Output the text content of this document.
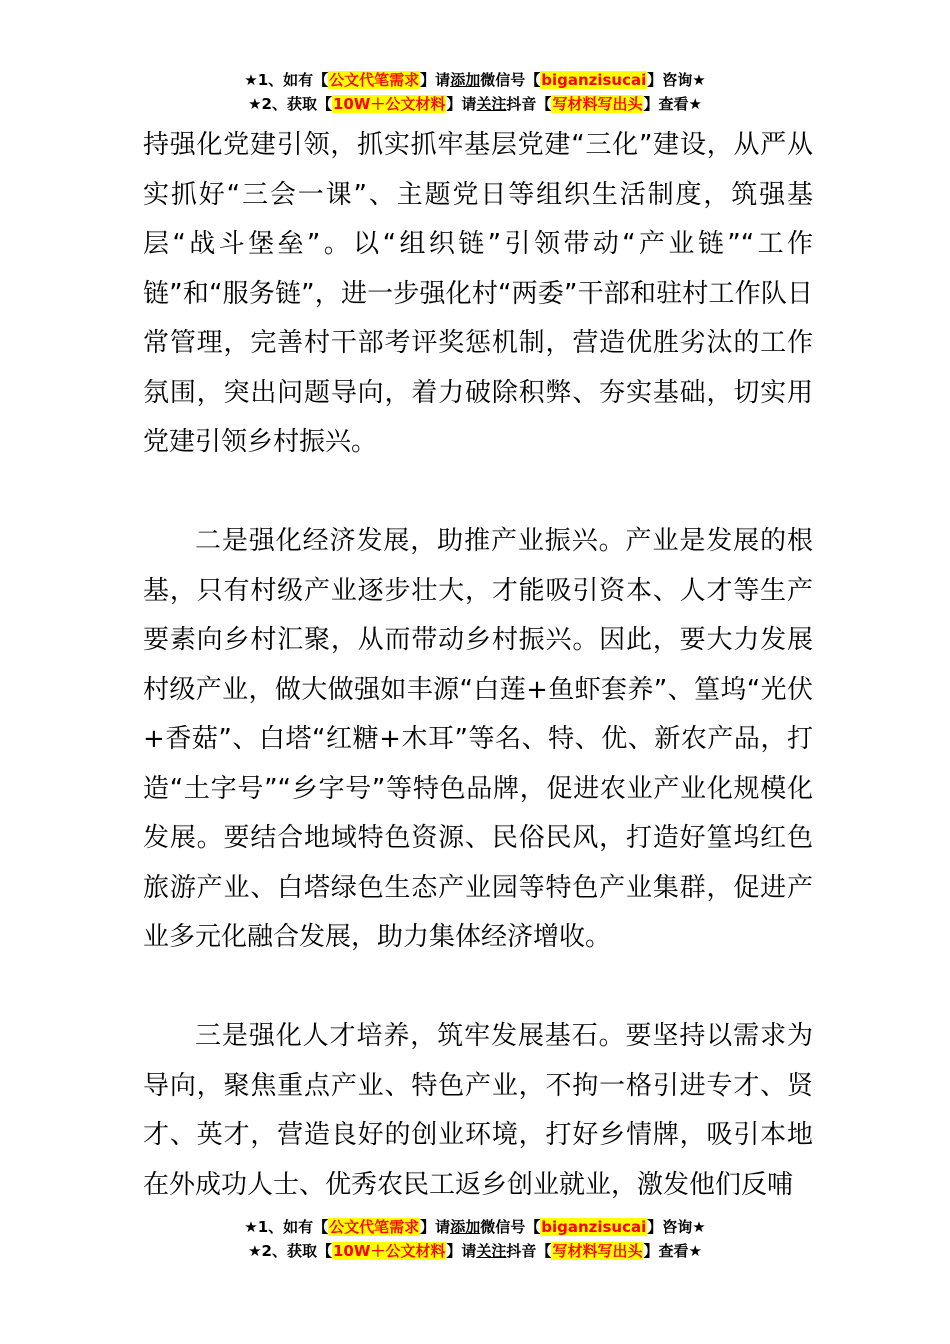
★1、如有【公文代笔需求】请添加微信号【biganzisucai】咨询★
★2、获取【10W＋公文材料】请关注抖音【写材料写出头】查看★

持强化党建引领，抓实抓牢基层党建“三化”建设，从严从实抓好“三会一课”、主题党日等组织生活制度，筑强基层“战斗堡垒”。以“组织链”引领带动“产业链”“工作链”和“服务链”，进一步强化村“两委”干部和驻村工作队日常管理，完善村干部考评奖惩机制，营造优胜劣汰的工作氛围，突出问题导向，着力破除积弊、夯实基础，切实用党建引领乡村振兴。

二是强化经济发展，助推产业振兴。产业是发展的根基，只有村级产业逐步壮大，才能吸引资本、人才等生产要素向乡村汇聚，从而带动乡村振兴。因此，要大力发展村级产业，做大做强如丰源“白莲+鱼虾套养”、篁坞“光伏+香菇”、白塔“红糖+木耳”等名、特、优、新农产品，打造“土字号”“乡字号”等特色品牌，促进农业产业化规模化发展。要结合地域特色资源、民俗民风，打造好篁坞红色旅游产业、白塔绿色生态产业园等特色产业集群，促进产业多元化融合发展，助力集体经济增收。

三是强化人才培养，筑牢发展基石。要坚持以需求为导向，聚焦重点产业、特色产业，不拘一格引进专才、贤才、英才，营造良好的创业环境，打好乡情牌，吸引本地在外成功人士、优秀农民工返乡创业就业，激发他们反哺

★1、如有【公文代笔需求】请添加微信号【biganzisucai】咨询★
★2、获取【10W＋公文材料】请关注抖音【写材料写出头】查看★
